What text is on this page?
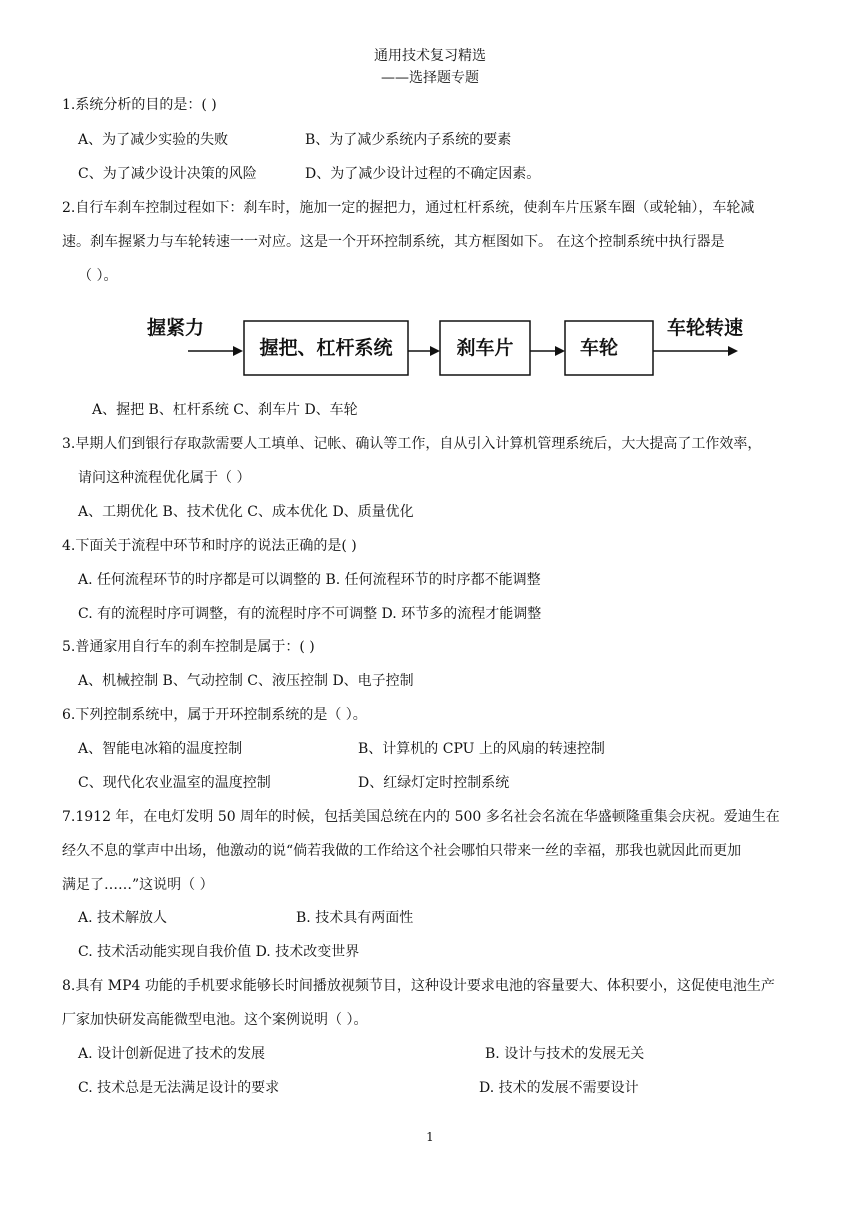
通用技术复习精选
——选择题专题
1.系统分析的目的是：( )
A、为了减少实验的失败	B、为了减少系统内子系统的要素
C、为了减少设计决策的风险	D、为了减少设计过程的不确定因素。
2.自行车刹车控制过程如下：刹车时，施加一定的握把力，通过杠杆系统，使刹车片压紧车圈（或轮轴），车轮减
速。刹车握紧力与车轮转速一一对应。这是一个开环控制系统，其方框图如下。 在这个控制系统中执行器是
（ ）。
握紧力
握把、杠杆系统	刹车片	车轮
车轮转速
A、握把 B、杠杆系统 C、刹车片 D、车轮
3.早期人们到银行存取款需要人工填单、记帐、确认等工作，自从引入计算机管理系统后，大大提高了工作效率，
请问这种流程优化属于（ ）
A、工期优化 B、技术优化 C、成本优化 D、质量优化
4.下面关于流程中环节和时序的说法正确的是( )
A. 任何流程环节的时序都是可以调整的 B. 任何流程环节的时序都不能调整
C. 有的流程时序可调整，有的流程时序不可调整 D. 环节多的流程才能调整
5.普通家用自行车的刹车控制是属于：( )
A、机械控制 B、气动控制 C、液压控制 D、电子控制
6.下列控制系统中，属于开环控制系统的是（ ）。
A、智能电冰箱的温度控制	B、计算机的 CPU 上的风扇的转速控制
C、现代化农业温室的温度控制	D、红绿灯定时控制系统
7.1912 年，在电灯发明 50 周年的时候，包括美国总统在内的 500 多名社会名流在华盛顿隆重集会庆祝。爱迪生在
经久不息的掌声中出场，他激动的说“倘若我做的工作给这个社会哪怕只带来一丝的幸福，那我也就因此而更加
满足了……”这说明（ ）
A. 技术解放人	B. 技术具有两面性
C. 技术活动能实现自我价值 D. 技术改变世界
8.具有 MP4 功能的手机要求能够长时间播放视频节目，这种设计要求电池的容量要大、体积要小，这促使电池生产
厂家加快研发高能微型电池。这个案例说明（ ）。
A. 设计创新促进了技术的发展	B. 设计与技术的发展无关
C. 技术总是无法满足设计的要求	D. 技术的发展不需要设计
1
